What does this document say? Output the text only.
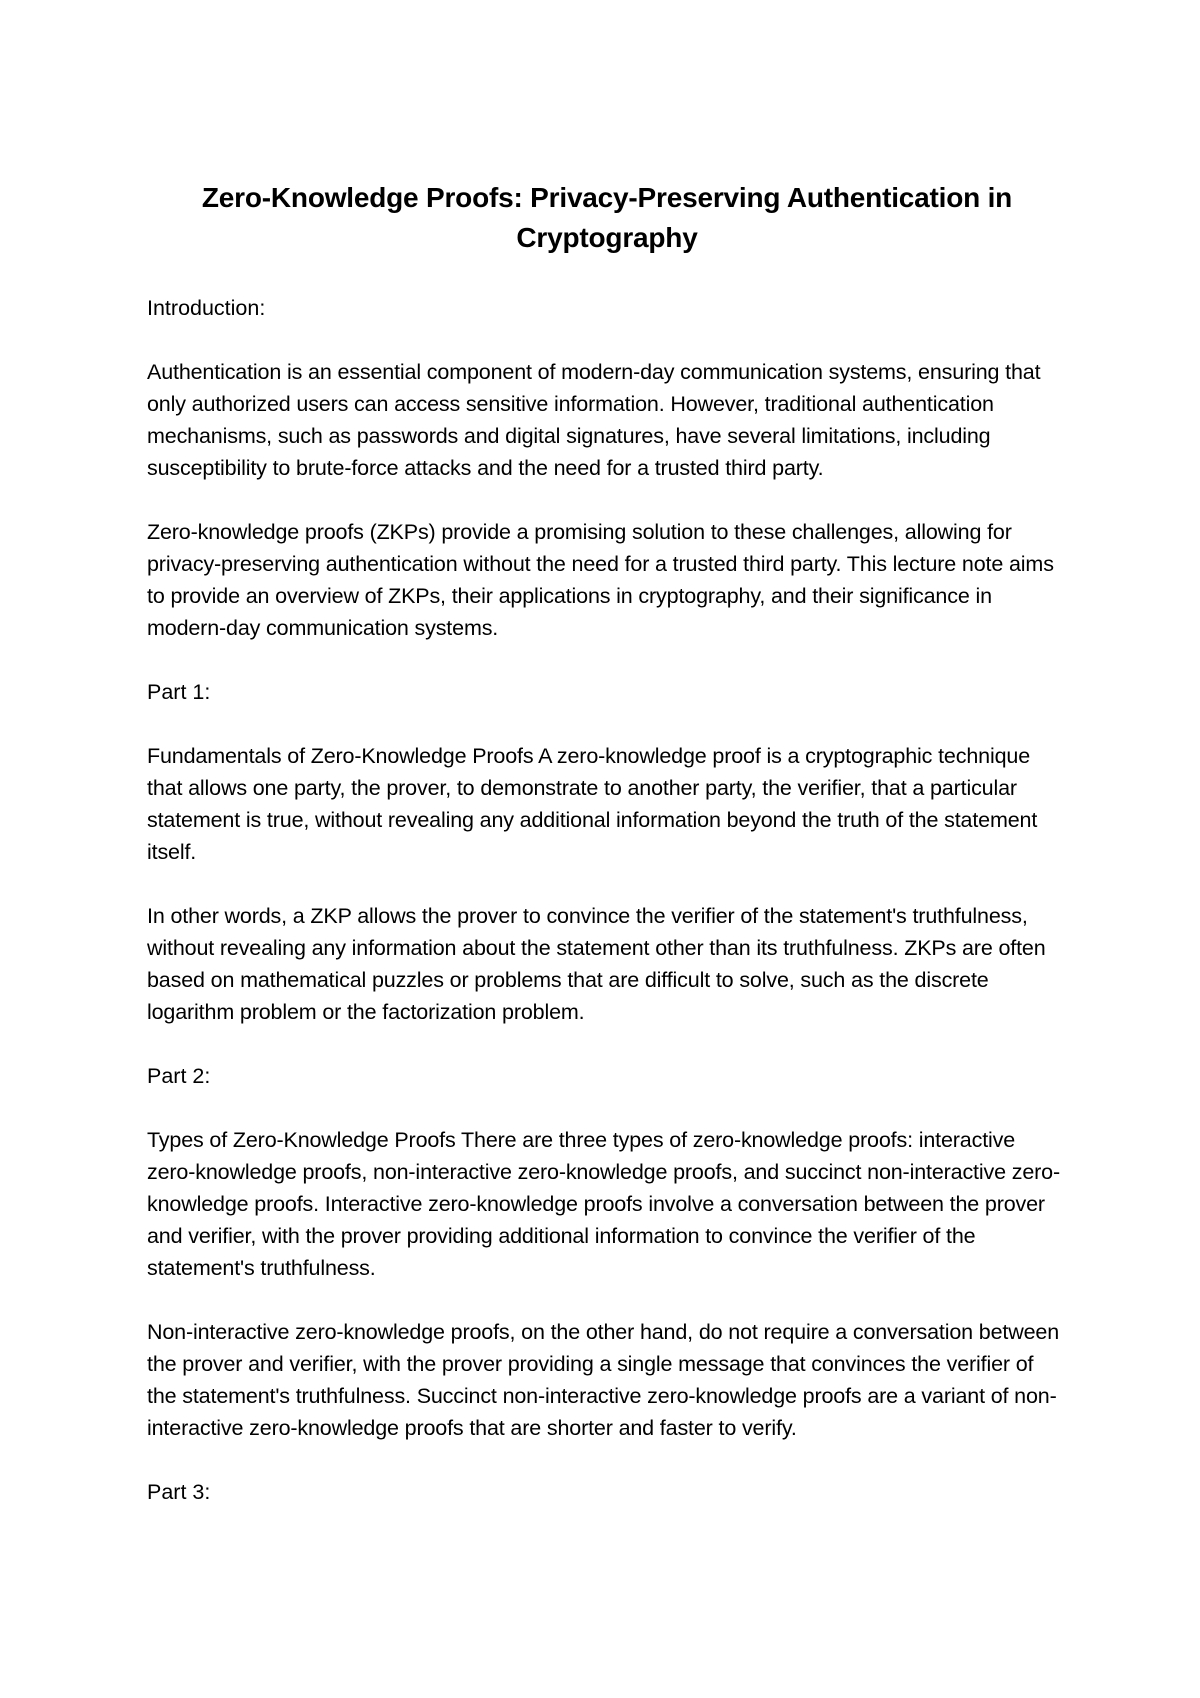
Zero-Knowledge Proofs: Privacy-Preserving Authentication in Cryptography
Introduction:

Authentication is an essential component of modern-day communication systems, ensuring that only authorized users can access sensitive information. However, traditional authentication mechanisms, such as passwords and digital signatures, have several limitations, including susceptibility to brute-force attacks and the need for a trusted third party.

Zero-knowledge proofs (ZKPs) provide a promising solution to these challenges, allowing for privacy-preserving authentication without the need for a trusted third party. This lecture note aims to provide an overview of ZKPs, their applications in cryptography, and their significance in modern-day communication systems.

Part 1:

Fundamentals of Zero-Knowledge Proofs A zero-knowledge proof is a cryptographic technique that allows one party, the prover, to demonstrate to another party, the verifier, that a particular statement is true, without revealing any additional information beyond the truth of the statement itself.

In other words, a ZKP allows the prover to convince the verifier of the statement's truthfulness, without revealing any information about the statement other than its truthfulness. ZKPs are often based on mathematical puzzles or problems that are difficult to solve, such as the discrete logarithm problem or the factorization problem.

Part 2:

Types of Zero-Knowledge Proofs There are three types of zero-knowledge proofs: interactive zero-knowledge proofs, non-interactive zero-knowledge proofs, and succinct non-interactive zero-knowledge proofs. Interactive zero-knowledge proofs involve a conversation between the prover and verifier, with the prover providing additional information to convince the verifier of the statement's truthfulness.

Non-interactive zero-knowledge proofs, on the other hand, do not require a conversation between the prover and verifier, with the prover providing a single message that convinces the verifier of the statement's truthfulness. Succinct non-interactive zero-knowledge proofs are a variant of non-interactive zero-knowledge proofs that are shorter and faster to verify.

Part 3:
